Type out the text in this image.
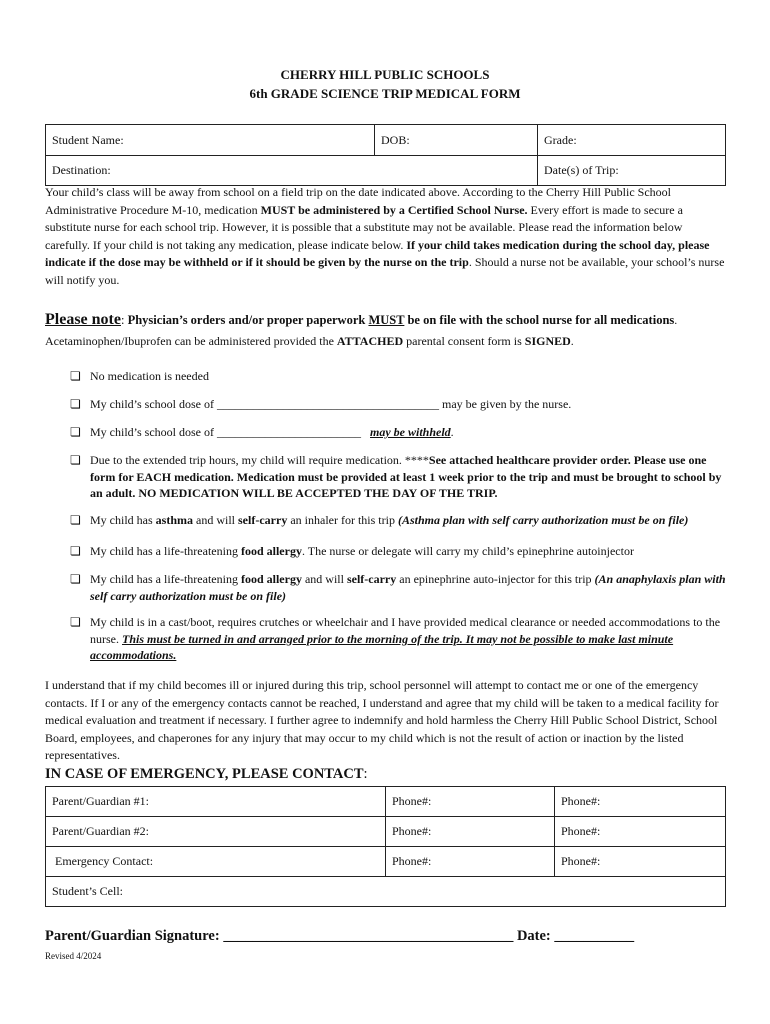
CHERRY HILL PUBLIC SCHOOLS
6th GRADE SCIENCE TRIP MEDICAL FORM
Student Name:	DOB:	Grade:
Destination:		Date(s) of Trip:
Your child’s class will be away from school on a field trip on the date indicated above. According to the Cherry Hill Public School Administrative Procedure M-10, medication MUST be administered by a Certified School Nurse. Every effort is made to secure a substitute nurse for each school trip. However, it is possible that a substitute may not be available. Please read the information below carefully. If your child is not taking any medication, please indicate below. If your child takes medication during the school day, please indicate if the dose may be withheld or if it should be given by the nurse on the trip. Should a nurse not be available, your school’s nurse will notify you.
Please note: Physician’s orders and/or proper paperwork MUST be on file with the school nurse for all medications. Acetaminophen/Ibuprofen can be administered provided the ATTACHED parental consent form is SIGNED.
❏ No medication is needed
❏ My child’s school dose of _____________________________________ may be given by the nurse.
❏ My child’s school dose of ________________________ may be withheld.
❏ Due to the extended trip hours, my child will require medication. ****See attached healthcare provider order. Please use one form for EACH medication. Medication must be provided at least 1 week prior to the trip and must be brought to school by an adult. NO MEDICATION WILL BE ACCEPTED THE DAY OF THE TRIP.
❏ My child has asthma and will self-carry an inhaler for this trip (Asthma plan with self carry authorization must be on file)
❏ My child has a life-threatening food allergy. The nurse or delegate will carry my child’s epinephrine autoinjector
❏ My child has a life-threatening food allergy and will self-carry an epinephrine auto-injector for this trip (An anaphylaxis plan with self carry authorization must be on file)
❏ My child is in a cast/boot, requires crutches or wheelchair and I have provided medical clearance or needed accommodations to the nurse. This must be turned in and arranged prior to the morning of the trip. It may not be possible to make last minute accommodations.
I understand that if my child becomes ill or injured during this trip, school personnel will attempt to contact me or one of the emergency contacts. If I or any of the emergency contacts cannot be reached, I understand and agree that my child will be taken to a medical facility for medical evaluation and treatment if necessary. I further agree to indemnify and hold harmless the Cherry Hill Public School District, School Board, employees, and chaperones for any injury that may occur to my child which is not the result of action or inaction by the listed representatives.
IN CASE OF EMERGENCY, PLEASE CONTACT:
Parent/Guardian #1:	Phone#:	Phone#:
Parent/Guardian #2:	Phone#:	Phone#:
Emergency Contact:	Phone#:	Phone#:
Student’s Cell:		
Parent/Guardian Signature: ________________________________________ Date: ___________
Revised 4/2024
